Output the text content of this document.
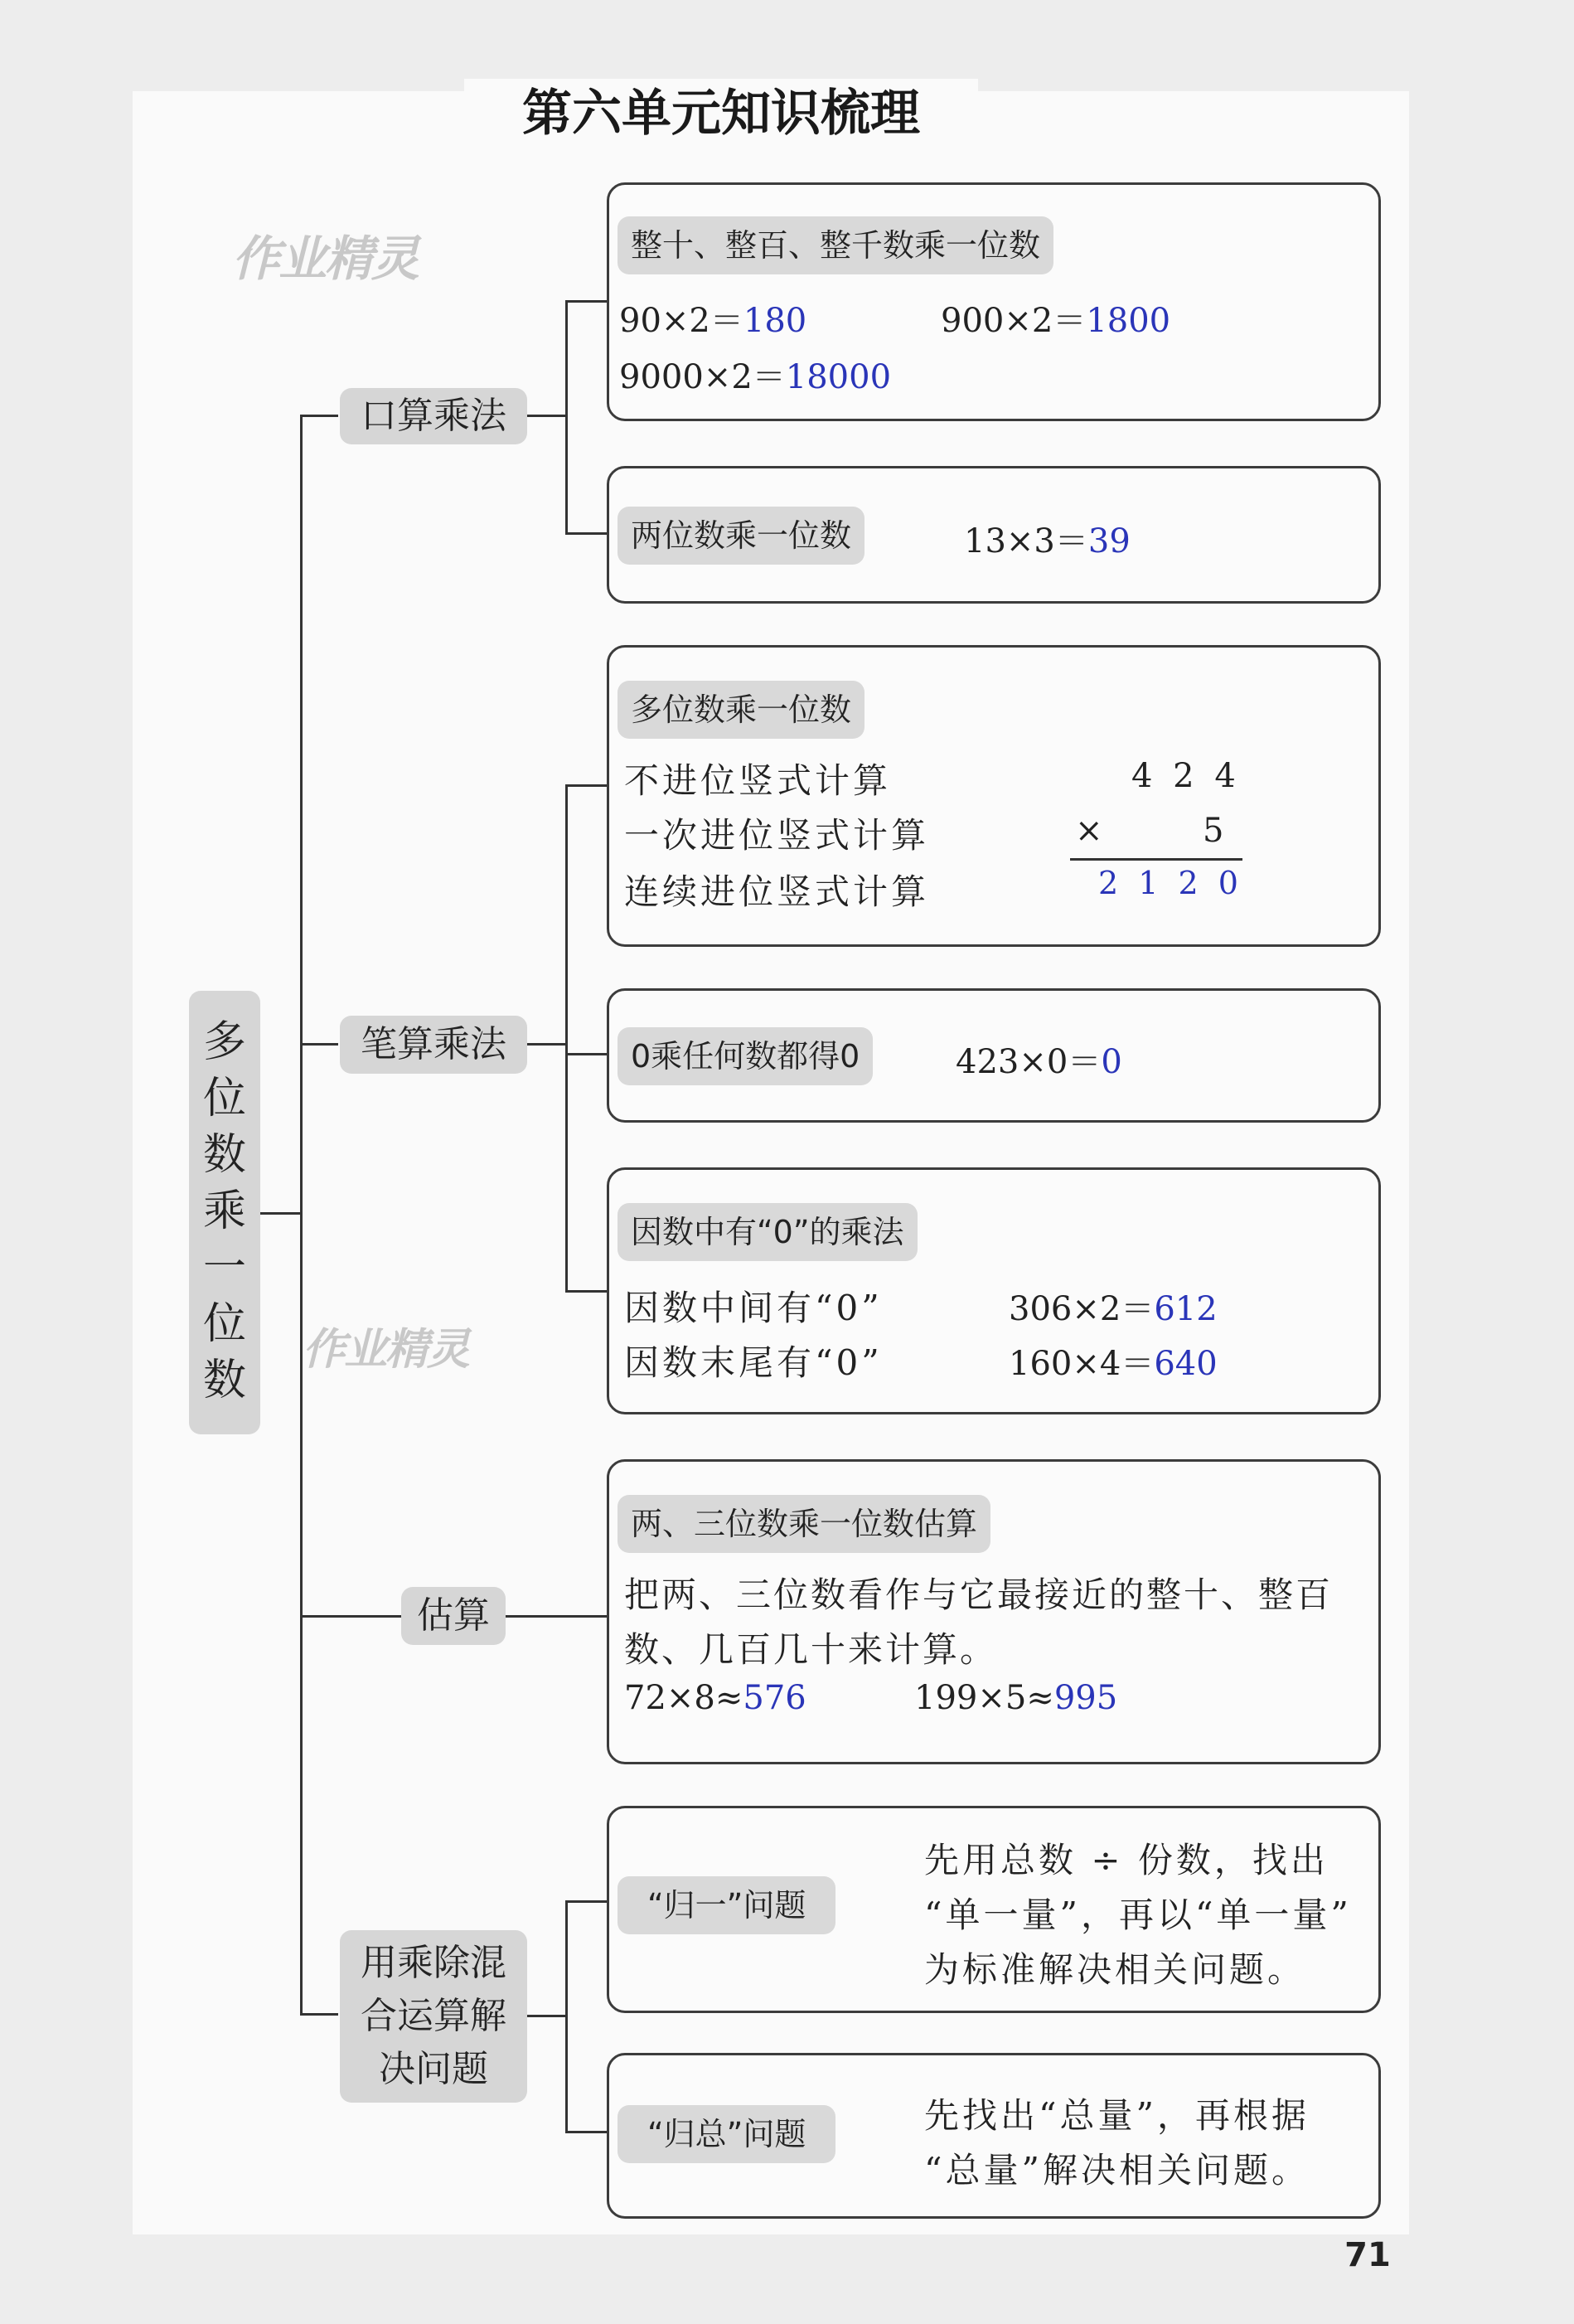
第六单元知识梳理
作业精灵
作业精灵
多位数乘一位数
口算乘法
笔算乘法
估算
用乘除混
合运算解
决问题
整十、整百、整千数乘一位数
90×2＝180	900×2＝1800
9000×2＝18000
两位数乘一位数	13×3＝39
多位数乘一位数
不进位竖式计算
一次进位竖式计算
连续进位竖式计算
4 2 4
×	5
2 1 2 0
0乘任何数都得0	423×0＝0
因数中有“0”的乘法
因数中间有“0”	306×2＝612
因数末尾有“0”	160×4＝640
两、三位数乘一位数估算
把两、三位数看作与它最接近的整十、整百
数、几百几十来计算。
72×8≈576	199×5≈995
“归一”问题
先用总数 ÷ 份数，找出
“单一量”，再以“单一量”
为标准解决相关问题。
“归总”问题	先找出“总量”，再根据
“总量”解决相关问题。
71
